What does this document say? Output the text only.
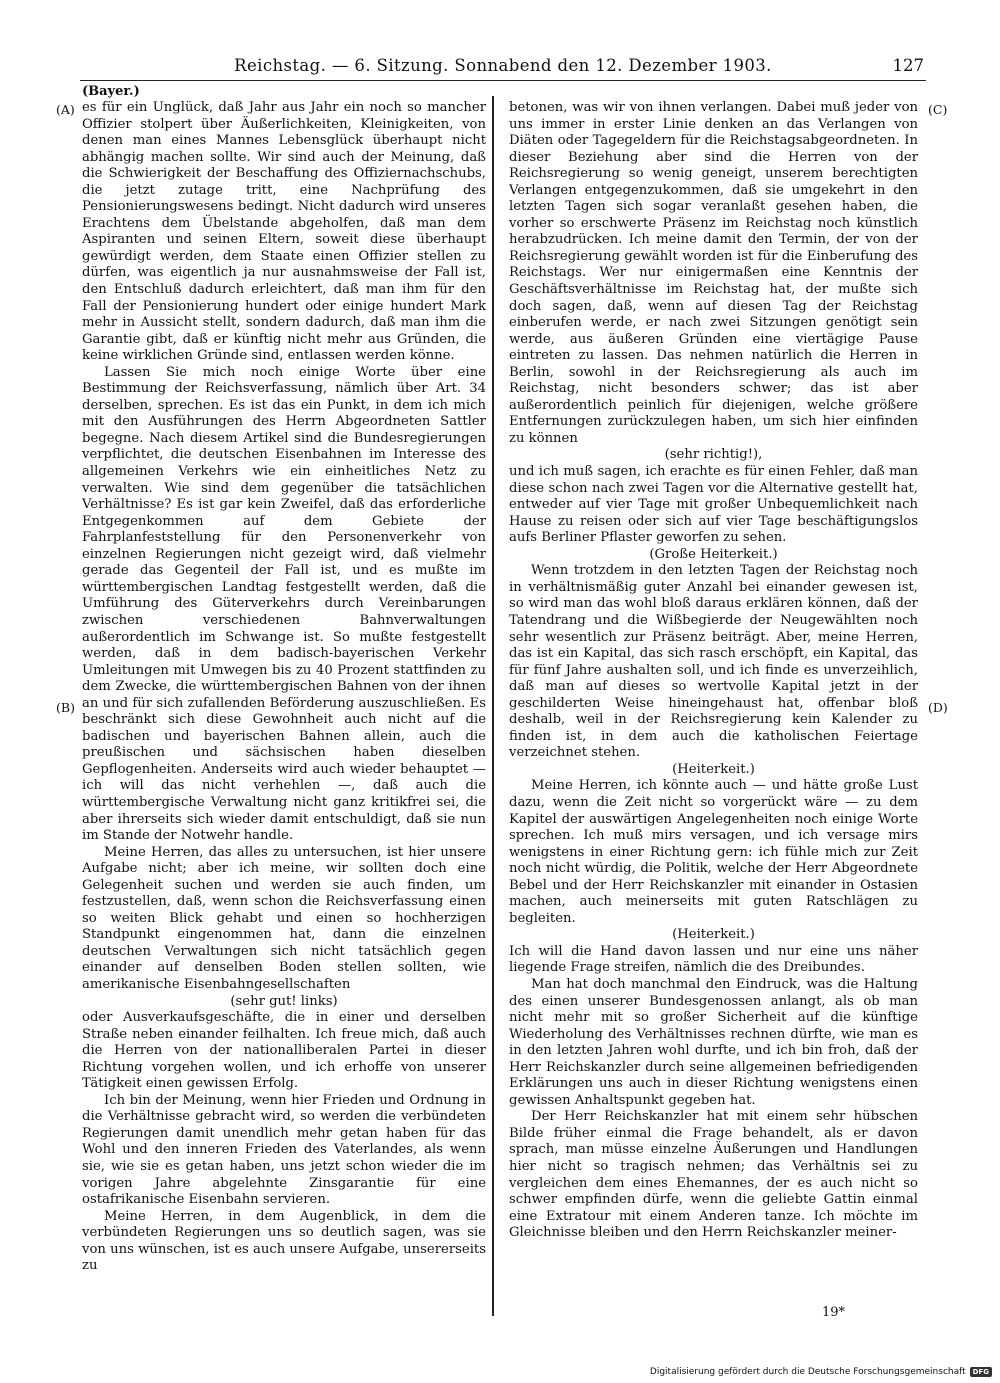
Reichstag. — 6. Sitzung. Sonnabend den 12. Dezember 1903.	127
(Bayer.)
(A)
(B)
(C)
(D)

es für ein Unglück, daß Jahr aus Jahr ein noch so mancher Offizier stolpert über Äußerlichkeiten, Kleinigkeiten, von denen man eines Mannes Lebensglück überhaupt nicht abhängig machen sollte. Wir sind auch der Meinung, daß die Schwierigkeit der Beschaffung des Offiziernachschubs, die jetzt zutage tritt, eine Nachprüfung des Pensionierungswesens bedingt. Nicht dadurch wird unseres Erachtens dem Übelstande abgeholfen, daß man dem Aspiranten und seinen Eltern, soweit diese überhaupt gewürdigt werden, dem Staate einen Offizier stellen zu dürfen, was eigentlich ja nur ausnahmsweise der Fall ist, den Entschluß dadurch erleichtert, daß man ihm für den Fall der Pensionierung hundert oder einige hundert Mark mehr in Aussicht stellt, sondern dadurch, daß man ihm die Garantie gibt, daß er künftig nicht mehr aus Gründen, die keine wirklichen Gründe sind, entlassen werden könne.

Lassen Sie mich noch einige Worte über eine Bestimmung der Reichsverfassung, nämlich über Art. 34 derselben, sprechen. Es ist das ein Punkt, in dem ich mich mit den Ausführungen des Herrn Abgeordneten Sattler begegne. Nach diesem Artikel sind die Bundesregierungen verpflichtet, die deutschen Eisenbahnen im Interesse des allgemeinen Verkehrs wie ein einheitliches Netz zu verwalten. Wie sind dem gegenüber die tatsächlichen Verhältnisse? Es ist gar kein Zweifel, daß das erforderliche Entgegenkommen auf dem Gebiete der Fahrplanfeststellung für den Personenverkehr von einzelnen Regierungen nicht gezeigt wird, daß vielmehr gerade das Gegenteil der Fall ist, und es mußte im württembergischen Landtag festgestellt werden, daß die Umführung des Güterverkehrs durch Vereinbarungen zwischen verschiedenen Bahnverwaltungen außerordentlich im Schwange ist. So mußte festgestellt werden, daß in dem badisch-bayerischen Verkehr Umleitungen mit Umwegen bis zu 40 Prozent stattfinden zu dem Zwecke, die württembergischen Bahnen von der ihnen an und für sich zufallenden Beförderung auszuschließen. Es beschränkt sich diese Gewohnheit auch nicht auf die badischen und bayerischen Bahnen allein, auch die preußischen und sächsischen haben dieselben Gepflogenheiten. Anderseits wird auch wieder behauptet — ich will das nicht verhehlen —, daß auch die württembergische Verwaltung nicht ganz kritikfrei sei, die aber ihrerseits sich wieder damit entschuldigt, daß sie nun im Stande der Notwehr handle.

Meine Herren, das alles zu untersuchen, ist hier unsere Aufgabe nicht; aber ich meine, wir sollten doch eine Gelegenheit suchen und werden sie auch finden, um festzustellen, daß, wenn schon die Reichsverfassung einen so weiten Blick gehabt und einen so hochherzigen Standpunkt eingenommen hat, dann die einzelnen deutschen Verwaltungen sich nicht tatsächlich gegen einander auf denselben Boden stellen sollten, wie amerikanische Eisenbahngesellschaften

(sehr gut! links)

oder Ausverkaufsgeschäfte, die in einer und derselben Straße neben einander feilhalten. Ich freue mich, daß auch die Herren von der nationalliberalen Partei in dieser Richtung vorgehen wollen, und ich erhoffe von unserer Tätigkeit einen gewissen Erfolg.

Ich bin der Meinung, wenn hier Frieden und Ordnung in die Verhältnisse gebracht wird, so werden die verbündeten Regierungen damit unendlich mehr getan haben für das Wohl und den inneren Frieden des Vaterlandes, als wenn sie, wie sie es getan haben, uns jetzt schon wieder die im vorigen Jahre abgelehnte Zinsgarantie für eine ostafrikanische Eisenbahn servieren.

Meine Herren, in dem Augenblick, in dem die verbündeten Regierungen uns so deutlich sagen, was sie von uns wünschen, ist es auch unsere Aufgabe, unsererseits zu

betonen, was wir von ihnen verlangen. Dabei muß jeder von uns immer in erster Linie denken an das Verlangen von Diäten oder Tagegeldern für die Reichstagsabgeordneten. In dieser Beziehung aber sind die Herren von der Reichsregierung so wenig geneigt, unserem berechtigten Verlangen entgegenzukommen, daß sie umgekehrt in den letzten Tagen sich sogar veranlaßt gesehen haben, die vorher so erschwerte Präsenz im Reichstag noch künstlich herabzudrücken. Ich meine damit den Termin, der von der Reichsregierung gewählt worden ist für die Einberufung des Reichstags. Wer nur einigermaßen eine Kenntnis der Geschäftsverhältnisse im Reichstag hat, der mußte sich doch sagen, daß, wenn auf diesen Tag der Reichstag einberufen werde, er nach zwei Sitzungen genötigt sein werde, aus äußeren Gründen eine viertägige Pause eintreten zu lassen. Das nehmen natürlich die Herren in Berlin, sowohl in der Reichsregierung als auch im Reichstag, nicht besonders schwer; das ist aber außerordentlich peinlich für diejenigen, welche größere Entfernungen zurückzulegen haben, um sich hier einfinden zu können

(sehr richtig!),

und ich muß sagen, ich erachte es für einen Fehler, daß man diese schon nach zwei Tagen vor die Alternative gestellt hat, entweder auf vier Tage mit großer Unbequemlichkeit nach Hause zu reisen oder sich auf vier Tage beschäftigungslos aufs Berliner Pflaster geworfen zu sehen.

(Große Heiterkeit.)

Wenn trotzdem in den letzten Tagen der Reichstag noch in verhältnismäßig guter Anzahl bei einander gewesen ist, so wird man das wohl bloß daraus erklären können, daß der Tatendrang und die Wißbegierde der Neugewählten noch sehr wesentlich zur Präsenz beiträgt. Aber, meine Herren, das ist ein Kapital, das sich rasch erschöpft, ein Kapital, das für fünf Jahre aushalten soll, und ich finde es unverzeihlich, daß man auf dieses so wertvolle Kapital jetzt in der geschilderten Weise hineingehaust hat, offenbar bloß deshalb, weil in der Reichsregierung kein Kalender zu finden ist, in dem auch die katholischen Feiertage verzeichnet stehen.

(Heiterkeit.)

Meine Herren, ich könnte auch — und hätte große Lust dazu, wenn die Zeit nicht so vorgerückt wäre — zu dem Kapitel der auswärtigen Angelegenheiten noch einige Worte sprechen. Ich muß mirs versagen, und ich versage mirs wenigstens in einer Richtung gern: ich fühle mich zur Zeit noch nicht würdig, die Politik, welche der Herr Abgeordnete Bebel und der Herr Reichskanzler mit einander in Ostasien machen, auch meinerseits mit guten Ratschlägen zu begleiten.

(Heiterkeit.)

Ich will die Hand davon lassen und nur eine uns näher liegende Frage streifen, nämlich die des Dreibundes.

Man hat doch manchmal den Eindruck, was die Haltung des einen unserer Bundesgenossen anlangt, als ob man nicht mehr mit so großer Sicherheit auf die künftige Wiederholung des Verhältnisses rechnen dürfte, wie man es in den letzten Jahren wohl durfte, und ich bin froh, daß der Herr Reichskanzler durch seine allgemeinen befriedigenden Erklärungen uns auch in dieser Richtung wenigstens einen gewissen Anhaltspunkt gegeben hat.

Der Herr Reichskanzler hat mit einem sehr hübschen Bilde früher einmal die Frage behandelt, als er davon sprach, man müsse einzelne Äußerungen und Handlungen hier nicht so tragisch nehmen; das Verhältnis sei zu vergleichen dem eines Ehemannes, der es auch nicht so schwer empfinden dürfe, wenn die geliebte Gattin einmal eine Extratour mit einem Anderen tanze. Ich möchte im Gleichnisse bleiben und den Herrn Reichskanzler meiner-

19*
Digitalisierung gefördert durch die Deutsche Forschungsgemeinschaft	DFG
